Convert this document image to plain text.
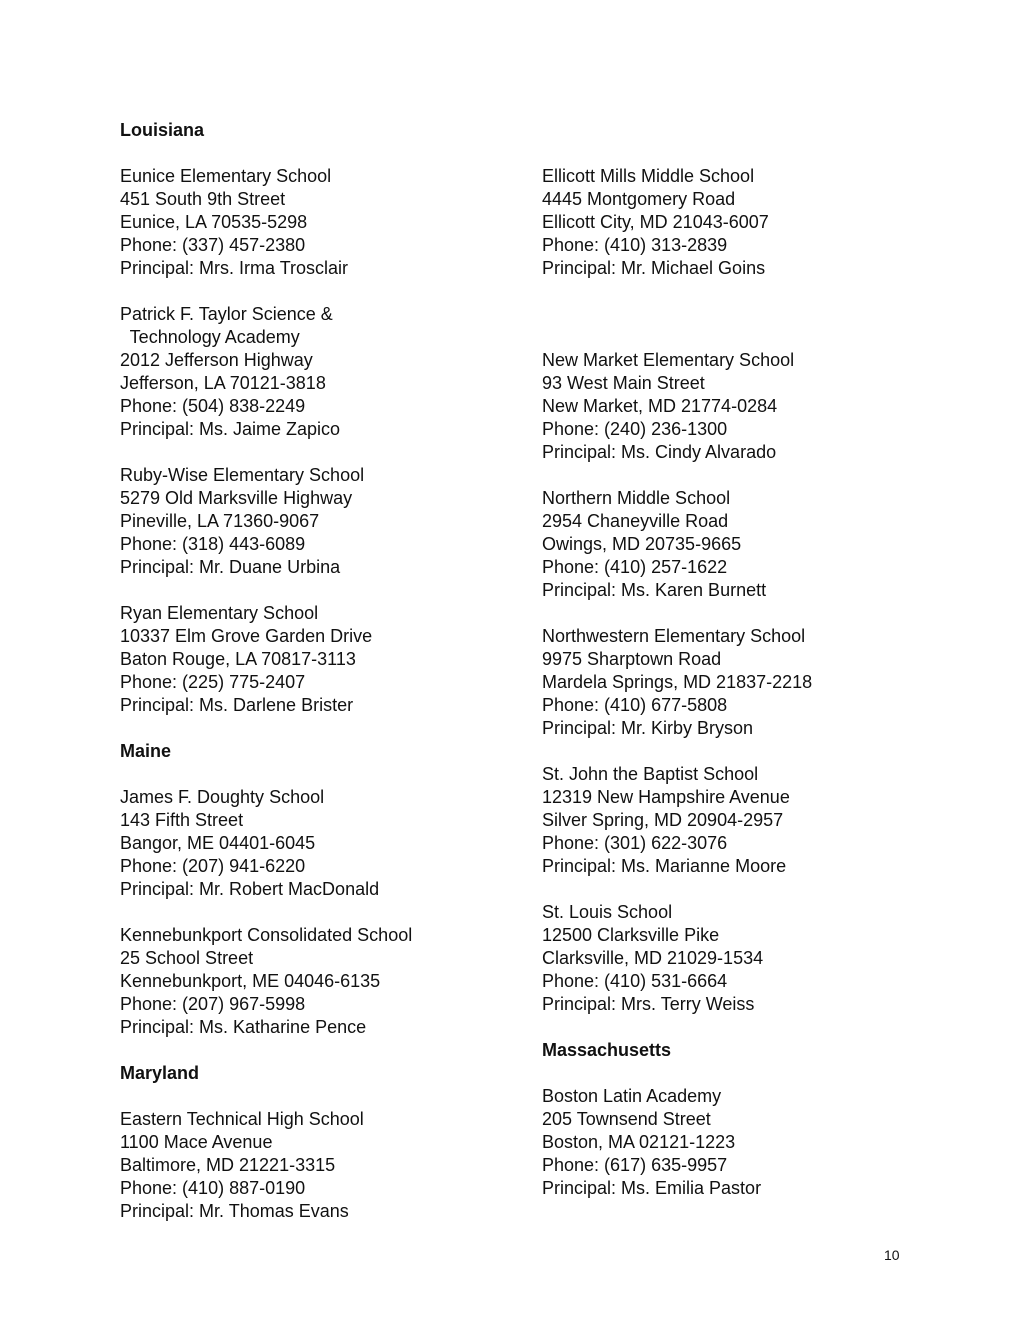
Louisiana
Eunice Elementary School
451 South 9th Street
Eunice, LA 70535-5298
Phone: (337) 457-2380
Principal: Mrs. Irma Trosclair
Patrick F. Taylor Science &
Technology Academy
2012 Jefferson Highway
Jefferson, LA 70121-3818
Phone: (504) 838-2249
Principal: Ms. Jaime Zapico
Ruby-Wise Elementary School
5279 Old Marksville Highway
Pineville, LA 71360-9067
Phone: (318) 443-6089
Principal: Mr. Duane Urbina
Ryan Elementary School
10337 Elm Grove Garden Drive
Baton Rouge, LA 70817-3113
Phone: (225) 775-2407
Principal: Ms. Darlene Brister
Maine
James F. Doughty School
143 Fifth Street
Bangor, ME 04401-6045
Phone: (207) 941-6220
Principal: Mr. Robert MacDonald
Kennebunkport Consolidated School
25 School Street
Kennebunkport, ME 04046-6135
Phone: (207) 967-5998
Principal: Ms. Katharine Pence
Maryland
Eastern Technical High School
1100 Mace Avenue
Baltimore, MD 21221-3315
Phone: (410) 887-0190
Principal: Mr. Thomas Evans
Ellicott Mills Middle School
4445 Montgomery Road
Ellicott City, MD 21043-6007
Phone: (410) 313-2839
Principal: Mr. Michael Goins
New Market Elementary School
93 West Main Street
New Market, MD 21774-0284
Phone: (240) 236-1300
Principal: Ms. Cindy Alvarado
Northern Middle School
2954 Chaneyville Road
Owings, MD 20735-9665
Phone: (410) 257-1622
Principal: Ms. Karen Burnett
Northwestern Elementary School
9975 Sharptown Road
Mardela Springs, MD 21837-2218
Phone: (410) 677-5808
Principal: Mr. Kirby Bryson
St. John the Baptist School
12319 New Hampshire Avenue
Silver Spring, MD 20904-2957
Phone: (301) 622-3076
Principal: Ms. Marianne Moore
St. Louis School
12500 Clarksville Pike
Clarksville, MD 21029-1534
Phone: (410) 531-6664
Principal: Mrs. Terry Weiss
Massachusetts
Boston Latin Academy
205 Townsend Street
Boston, MA 02121-1223
Phone: (617) 635-9957
Principal: Ms. Emilia Pastor
10
